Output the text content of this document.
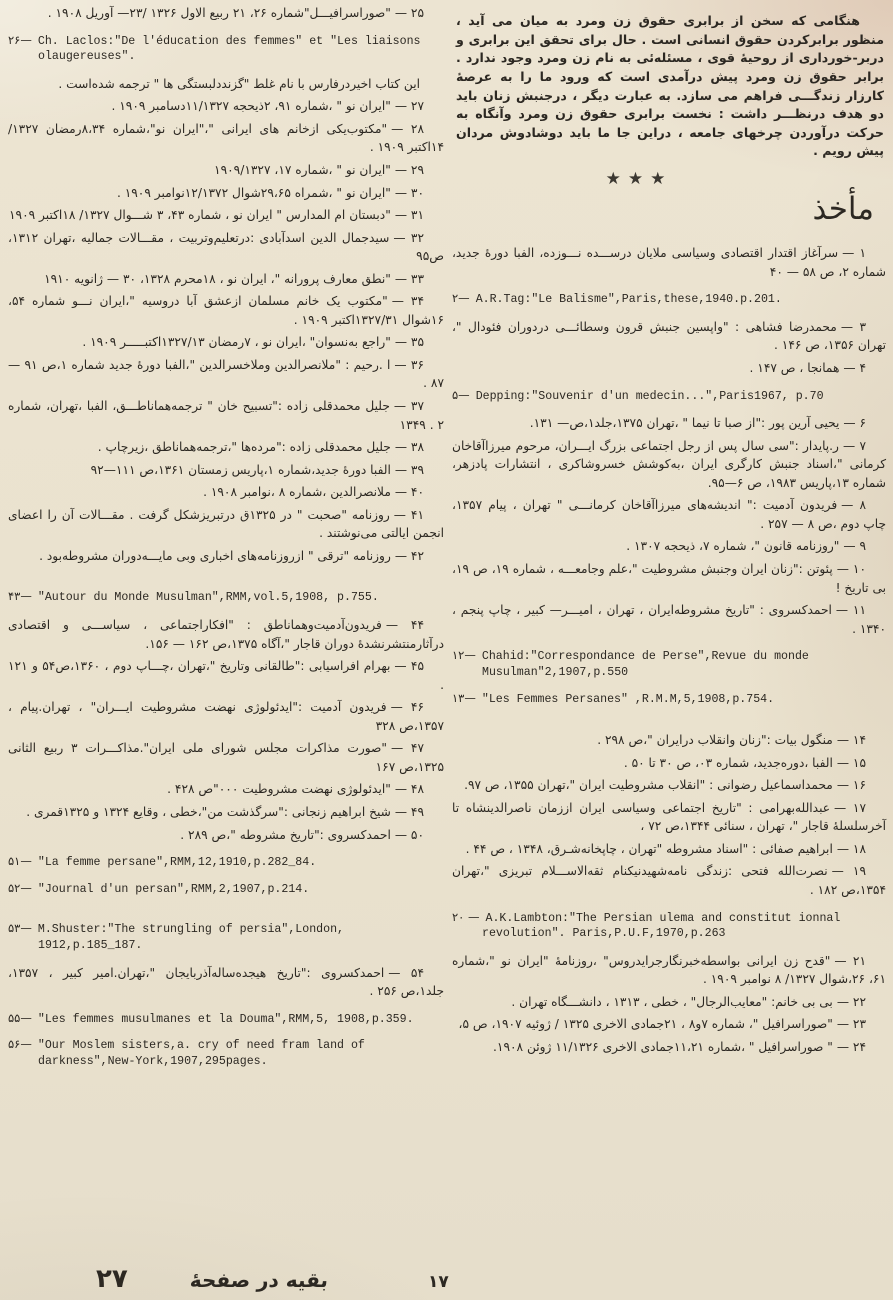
هنگامی که سخن از برابری حقوق زن ومرد به میان می آید ، منظور برابرکردن حقوق انسانی است . حال برای تحقق این برابری و دربر-خورداری از روحیهٔ قوی ، مسئله‌ئی به نام زن ومرد وجود ندارد . برابر حقوق زن ومرد پیش درآمدی است که ورود ما را به عرصهٔ کارزار زندگـــی فراهم می سازد. به عبارت دیگر ، درجنبش زنان باید دو هدف درنظـــر داشت : نخست برابری حقوق زن ومرد وآنگاه به حرکت درآوردن چرخهای جامعه ، دراین جا ما باید دوشادوش مردان پیش رویم .

★★★
مأخذ

۱ —سرآغاز اقتدار اقتصادی وسیاسی ملایان درســـده نـــوزده، الفبا دورهٔ جدید، شماره ۲، ص ۵۸ — ۴۰

۲— A.R.Tag:"Le Balisme",Paris,these,1940.p.201.

۳ —محمدرضا فشاهی : "واپسین جنبش قرون وسطائـــی دردوران فئودال "، تهران ۱۳۵۶، ص ۱۴۶ .

۴ —همانجا ، ص ۱۴۷ .

۵— Depping:"Souvenir d'un medecin...",Paris1967, p.70

۶ —یحیی آرین پور :"از صبا تا نیما " ،تهران ۱۳۷۵،جلد۱،ص— ۱۳۱.

۷ —ر.پایدار :"سی سال پس از رجل اجتماعی بزرگ ایـــران، مرحوم میرزاآقاخان کرمانی "،اسناد جنبش کارگری ایران ،به‌کوشش خسروشاکری ، انتشارات پادزهر، شماره ۱۳،پاریس ۱۹۸۳، ص ۶—۹۵.

۸ —فریدون آدمیت :" اندیشه‌های میرزاآقاخان کرمانـــی " تهران ، پیام ۱۳۵۷، چاپ دوم ،ص ۸ — ۲۵۷ .

۹ —"روزنامه قانون "، شماره ۷، ذیحجه ۱۳۰۷ .

۱۰ —پئوتن :"زنان ایران وجنبش مشروطیت "،علم وجامعـــه ، شماره ۱۹، ص ۱۹، بی تاریخ !

۱۱ —احمدکسروی : "تاریخ مشروطه‌ایران ، تهران ، امیـــر— کبیر ، چاپ پنجم ، ۱۳۴۰ .

۱۲— Chahid:"Correspondance de Perse",Revue du monde Musulman"2,1907,p.550

۱۳— "Les Femmes Persanes" ,R.M.M,5,1908,p.754.

۱۴ —منگول بیات :"زنان وانقلاب درایران "،ص ۲۹۸ .

۱۵ —الفبا ،دوره‌جدید، شماره ۰۳، ص ۳۰ تا ۵۰ .

۱۶ —محمداسماعیل رضوانی : "انقلاب مشروطیت ایران "،تهران ۱۳۵۵، ص ۹۷.

۱۷ —عبدالله‌بهرامی : "تاریخ اجتماعی وسیاسی ایران اززمان ناصرالدینشاه تا آخرسلسلهٔ قاجار "، تهران ، سنائی ۱۳۴۴،ص ۷۲ ،

۱۸ —ابراهیم صفائی : "اسناد مشروطه "تهران ، چاپخانه‌شـرق، ۱۳۴۸ ، ص ۴۴ .

۱۹ —نصرت‌الله فتحی :زندگی نامه‌شهیدنیکنام ثقه‌الاســـلام تبریزی "،تهران ۱۳۵۴،ص ۱۸۲ .

۲۰ — A.K.Lambton:"The Persian ulema and constitut ionnal revolution". Paris,P.U.F,1970,p.263

۲۱ —"قدح زن ایرانی بواسطه‌خبرنگارجرایدروس" ،روزنامهٔ "ایران نو "،شماره ۶۱، ۲۶،شوال ۱۳۲۷/ ۸ نوامبر ۱۹۰۹ .

۲۲ —بی بی خانم: "معایب‌الرجال" ، خطی ، ۱۳۱۳ ، دانشـــگاه تهران .

۲۳ —"صوراسرافیل "، شماره ۷و۸ ، ۲۱جمادی الاخری ۱۳۲۵ / ژوئیه ۱۹۰۷، ص ۵،

۲۴ —" صوراسرافیل " ،شماره ۱۱،۲۱جمادی الاخری ۱۱/۱۳۲۶ ژوئن ۱۹۰۸.

۲۵ —"صوراسرافیـــل"شماره ۲۶، ۲۱ ربیع الاول ۱۳۲۶ /۲۳— آوریل ۱۹۰۸ .

۲۶— Ch. Laclos:"De l'éducation des femmes" et "Les liaisons olaugereuses".

این کتاب اخیردرفارس با نام غلط "گزنددلبستگی ها " ترجمه شده‌است .

۲۷ —"ایران نو " ،شماره ۹۱، ۲ذیحجه ۱۱/۱۳۲۷دسامبر ۱۹۰۹ .

۲۸ —"مکتوب‌یکی ازخانم های ایرانی "،"ایران نو"،شماره ۸،۳۴رمضان ۱۳۲۷/ ۱۴اکتبر ۱۹۰۹ .

۲۹ —"ایران نو " ،شماره ۱۷، ۱۹۰۹/۱۳۲۷

۳۰ —"ایران نو " ،شمراه ۲۹،۶۵شوال ۱۲/۱۳۷۲نوامبر ۱۹۰۹ .

۳۱ —"دبستان ام المدارس " ایران نو ، شماره ۴۳، ۳ شـــوال ۱۳۲۷/ ۱۸اکتبر ۱۹۰۹

۳۲ —سیدجمال الدین اسدآبادی :درتعلیم‌وتربیت ، مقـــالات جمالیه ،تهران ۱۳۱۲، ص۹۵

۳۳ —"نطق معارف پرورانه "، ایران نو ، ۱۸محرم ۱۳۲۸، ۳۰ — ژانویه ۱۹۱۰

۳۴ —"مکتوب یک خانم مسلمان ازعشق آبا دروسیه "،ایران نـــو شماره ۵۴، ۱۶شوال ۱۳۲۷/۳۱اکتبر ۱۹۰۹ .

۳۵ —"راجع به‌نسوان" ،ایران نو ، ۷رمضان ۱۳۲۷/۱۳اکتبـــــر ۱۹۰۹ .

۳۶ —ا .رحیم : "ملانصرالدین وملاخسرالدین "،الفبا دورهٔ جدید شماره ۱،ص ۹۱ — ۸۷ .

۳۷ —جلیل محمدقلی زاده :"تسبیح خان " ترجمه‌هماناطـــق، الفبا ،تهران، شماره ۲ . ۱۳۴۹

۳۸ —جلیل محمدقلی زاده :"مرده‌ها "،ترجمه‌هماناطق ،زیرچاپ .

۳۹ —الفبا دورهٔ جدید،شماره ۱،پاریس زمستان ۱۳۶۱،ص ۱۱۱—۹۲

۴۰ —ملانصرالدین ،شماره ۸ ،نوامبر ۱۹۰۸ .

۴۱ —روزنامه "صحبت " در ۱۳۲۵ق درتبریزشکل گرفت . مقـــالات آن را اعضای انجمن ایالتی می‌نوشتند .

۴۲ —روزنامه "ترقی " ازروزنامه‌های اخباری وبی مایـــه‌دوران مشروطه‌بود .

۴۳— "Autour du Monde Musulman",RMM,vol.5,1908, p.755.

۴۴ —فریدون‌آدمیت‌وهماناطق : "افکاراجتماعی ، سیاســـی و اقتصادی درآثارمنتشرنشدهٔ دوران قاجار "،آگاه ۱۳۷۵،ص ۱۶۲ — ۱۵۶.

۴۵ —بهرام افراسیابی :"طالقانی وتاریخ "،تهران ،چـــاپ دوم ، ۱۳۶۰،ص۵۴ و ۱۲۱ .

۴۶ —فریدون آدمیت :"ایدئولوژی نهضت مشروطیت ایـــران" ، تهران.پیام ، ۱۳۵۷،ص ۳۲۸

۴۷ —"صورت مذاکرات مجلس شورای ملی ایران".مذاکـــرات ۳ ربیع الثانی ۱۳۲۵،ص ۱۶۷

۴۸ —"ایدئولوژی نهضت مشروطیت ۰۰۰"ص ۴۲۸ .

۴۹ —شیخ ابراهیم زنجانی :"سرگذشت من"،خطی ، وقایع ۱۳۲۴ و ۱۳۲۵قمری .

۵۰ —احمدکسروی :"تاریخ مشروطه "،ص ۲۸۹ .

۵۱— "La femme persane",RMM,12,1910,p.282_84.

۵۲— "Journal d'un persan",RMM,2,1907,p.214.

۵۳— M.Shuster:"The strungling of persia",London, 1912,p.185_187.

۵۴ —احمدکسروی :"تاریخ هیجده‌ساله‌آذربایجان "،تهران.امیر کبیر ، ۱۳۵۷، جلد۱،ص ۲۵۶ .

۵۵— "Les femmes musulmanes et la Douma",RMM,5, 1908,p.359.

۵۶— "Our Moslem sisters,a. cry of need fram land of darkness",New-York,1907,295pages.

۲۷	بقیه در صفحهٔ	۱۷
